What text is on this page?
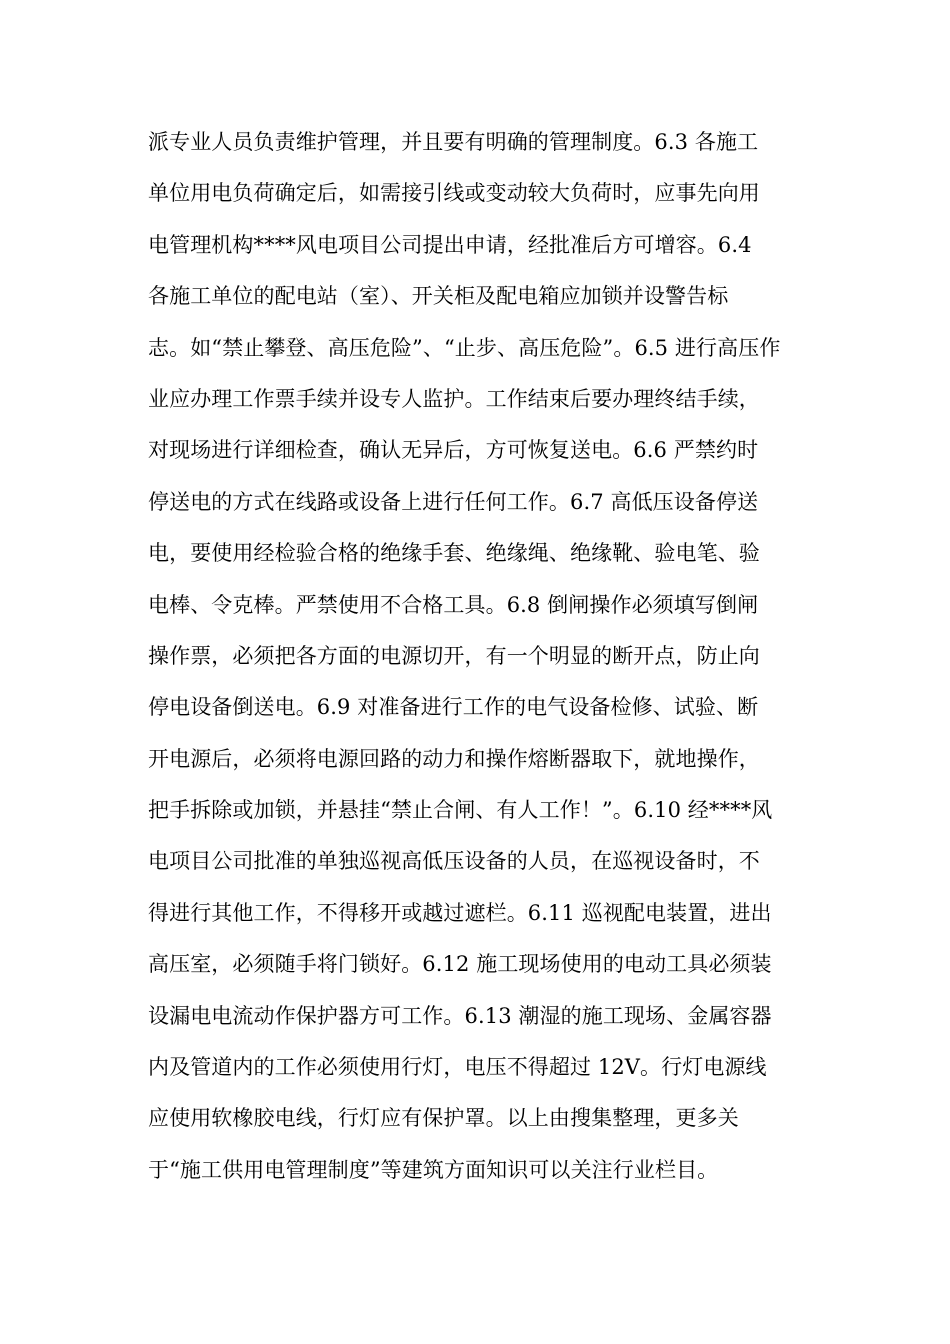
派专业人员负责维护管理，并且要有明确的管理制度。6.3 各施工
单位用电负荷确定后，如需接引线或变动较大负荷时，应事先向用
电管理机构****风电项目公司提出申请，经批准后方可增容。6.4
各施工单位的配电站（室）、开关柜及配电箱应加锁并设警告标
志。如“禁止攀登、高压危险”、“止步、高压危险”。6.5 进行高压作
业应办理工作票手续并设专人监护。工作结束后要办理终结手续，
对现场进行详细检查，确认无异后，方可恢复送电。6.6 严禁约时
停送电的方式在线路或设备上进行任何工作。6.7 高低压设备停送
电，要使用经检验合格的绝缘手套、绝缘绳、绝缘靴、验电笔、验
电棒、令克棒。严禁使用不合格工具。6.8 倒闸操作必须填写倒闸
操作票，必须把各方面的电源切开，有一个明显的断开点，防止向
停电设备倒送电。6.9 对准备进行工作的电气设备检修、试验、断
开电源后，必须将电源回路的动力和操作熔断器取下，就地操作，
把手拆除或加锁，并悬挂“禁止合闸、有人工作！”。6.10 经****风
电项目公司批准的单独巡视高低压设备的人员，在巡视设备时，不
得进行其他工作，不得移开或越过遮栏。6.11 巡视配电装置，进出
高压室，必须随手将门锁好。6.12 施工现场使用的电动工具必须装
设漏电电流动作保护器方可工作。6.13 潮湿的施工现场、金属容器
内及管道内的工作必须使用行灯，电压不得超过 12V。行灯电源线
应使用软橡胶电线，行灯应有保护罩。以上由搜集整理，更多关
于“施工供用电管理制度”等建筑方面知识可以关注行业栏目。
